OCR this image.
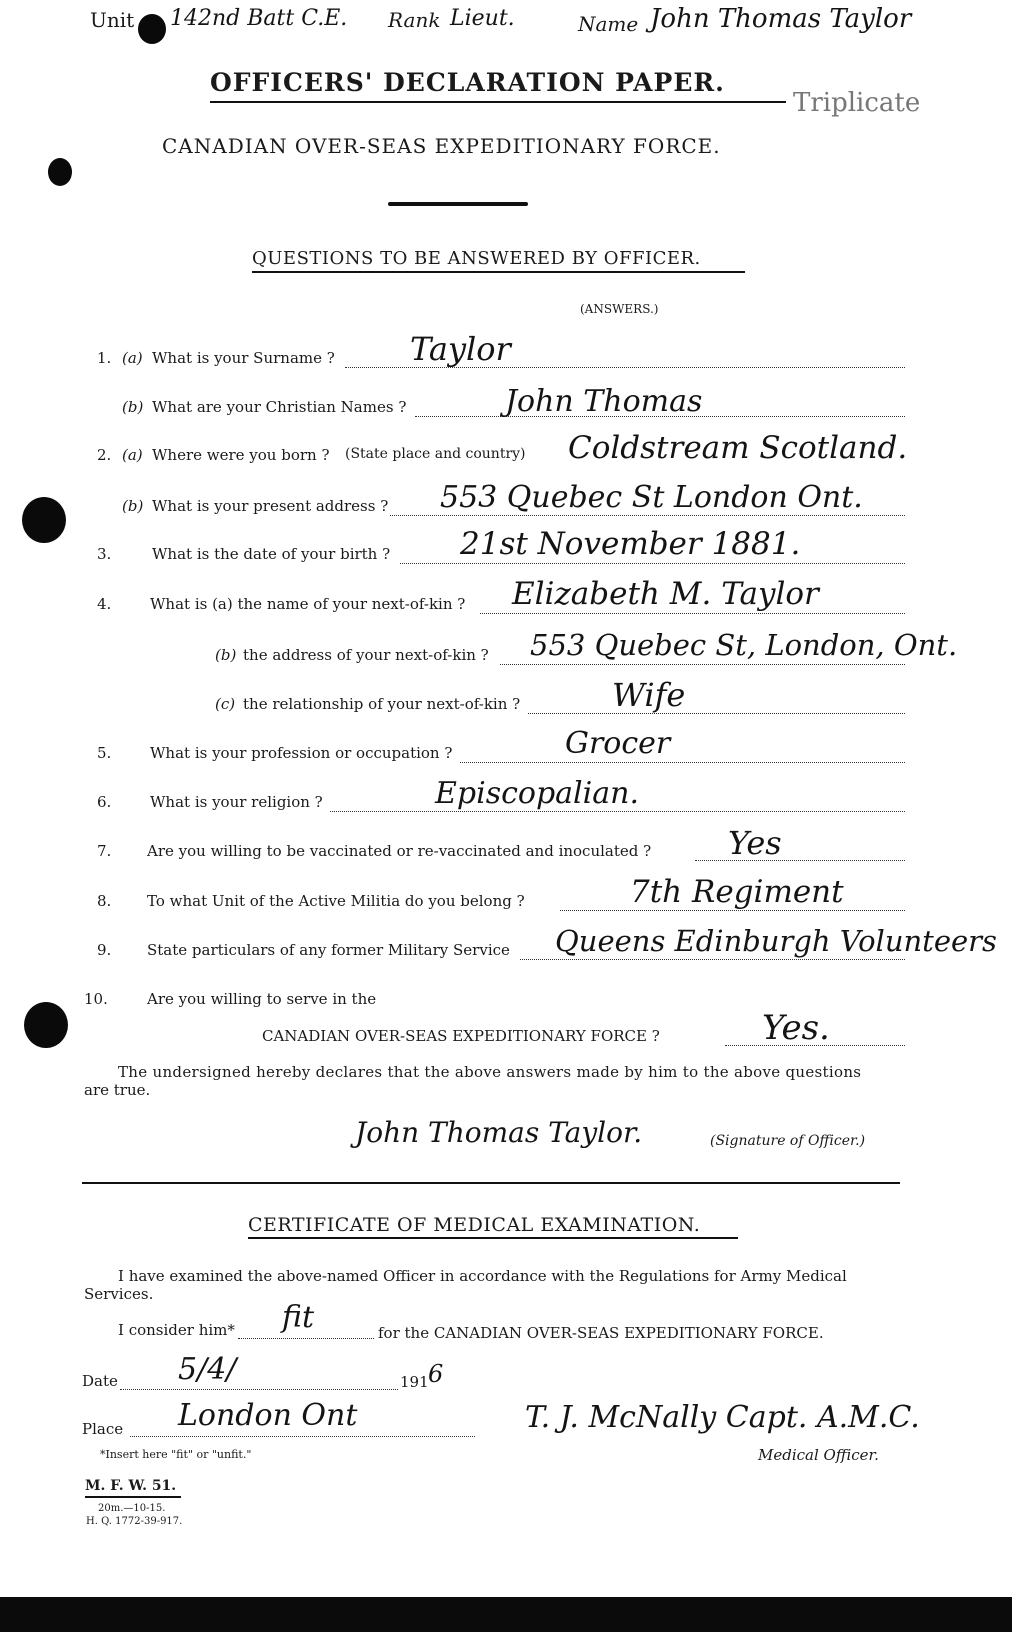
Unit 142nd Batt C.E. Rank Lieut.	Name John Thomas Taylor
OFFICERS' DECLARATION PAPER.
Triplicate
CANADIAN OVER-SEAS EXPEDITIONARY FORCE.
QUESTIONS TO BE ANSWERED BY OFFICER.
(ANSWERS.)
1. (a) What is your Surname ? Taylor
(b) What are your Christian Names ?	John Thomas
2. (a) Where were you born ? (State place and country) Coldstream Scotland.
(b) What is your present address ? 553 Quebec St London Ont.
3.	What is the date of your birth ? 21st November 1881.
4.	What is (a) the name of your next-of-kin ? Elizabeth M. Taylor
(b) the address of your next-of-kin ? 553 Quebec St, London, Ont.
(c) the relationship of your next-of-kin ?	Wife
5.	What is your profession or occupation ?	Grocer
6.	What is your religion ?	Episcopalian.
7. Are you willing to be vaccinated or re-vaccinated and inoculated ? Yes
8. To what Unit of the Active Militia do you belong ?	7th Regiment
9. State particulars of any former Military Service Queens Edinburgh Volunteers
10.	Are you willing to serve in the
CANADIAN OVER-SEAS EXPEDITIONARY FORCE ?	Yes.
The undersigned hereby declares that the above answers made by him to the above questions
are true.
John Thomas Taylor.	(Signature of Officer.)
CERTIFICATE OF MEDICAL EXAMINATION.
I have examined the above-named Officer in accordance with the Regulations for Army Medical
Services.
I consider him* fit	for the CANADIAN OVER-SEAS EXPEDITIONARY FORCE.
Date 5/4/	191 6
Place London Ont
*Insert here "fit" or "unfit."
T. J. McNally Capt. A.M.C.
Medical Officer.
M. F. W. 51.
20m.—10-15.
H. Q. 1772-39-917.
